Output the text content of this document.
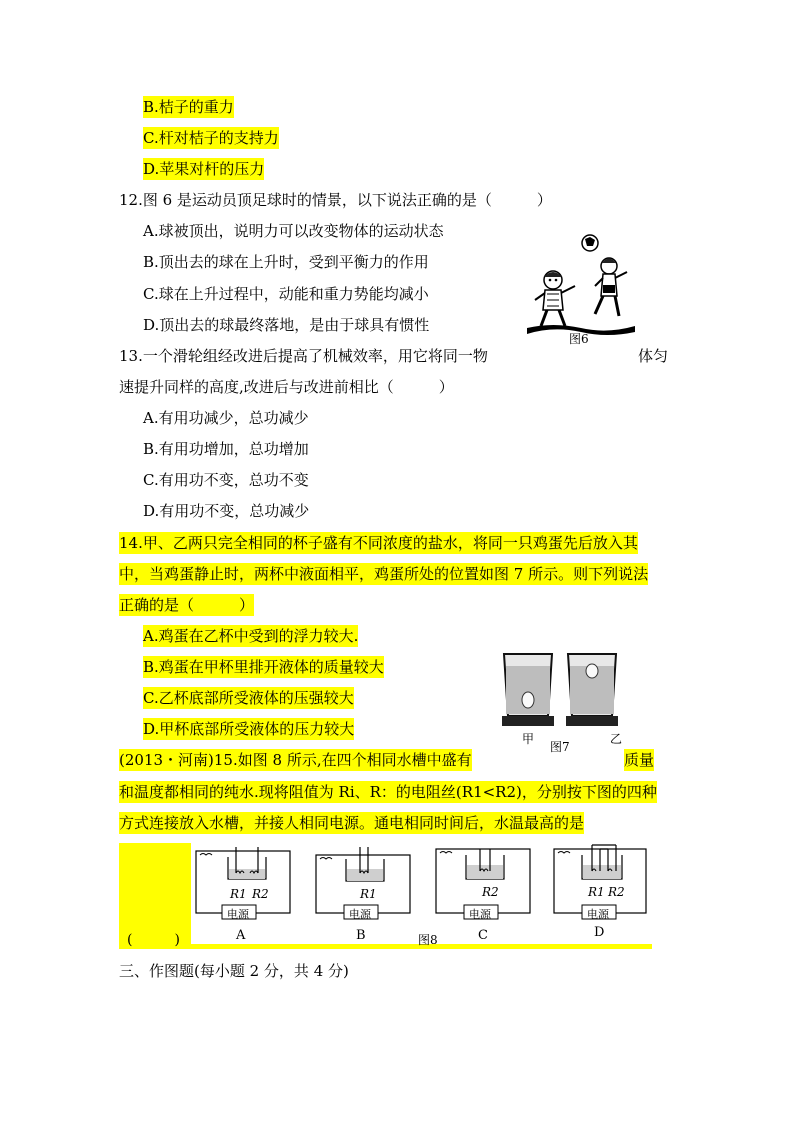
B.桔子的重力
C.杆对桔子的支持力
D.苹果对杆的压力
12.图 6 是运动员顶足球时的情景，以下说法正确的是（　　　）
A.球被顶出，说明力可以改变物体的运动状态
B.顶出去的球在上升时，受到平衡力的作用
C.球在上升过程中，动能和重力势能均减小
D.顶出去的球最终落地，是由于球具有惯性
图6
13.一个滑轮组经改进后提高了机械效率，用它将同一物	体匀
速提升同样的高度,改进后与改进前相比（　　　）
A.有用功减少，总功减少
B.有用功增加，总功增加
C.有用功不变，总功不变
D.有用功不变，总功减少
14.甲、乙两只完全相同的杯子盛有不同浓度的盐水，将同一只鸡蛋先后放入其
中，当鸡蛋静止时，两杯中液面相平，鸡蛋所处的位置如图 7 所示。则下列说法
正确的是（　　　）
A.鸡蛋在乙杯中受到的浮力较大.
B.鸡蛋在甲杯里排开液体的质量较大
C.乙杯底部所受液体的压强较大
D.甲杯底部所受液体的压力较大
甲	乙
图7
(2013・河南)15.如图 8 所示,在四个相同水槽中盛有	质量
和温度都相同的纯水.现将阻值为 Ri、R：的电阻丝(R1<R2)，分别按下图的四种
方式连接放入水槽，并接人相同电源。通电相同时间后，水温最高的是
(　　　)
R1 R2
电源
A
R1
电源
B
R2
电源
C
R1 R2
电源
D
图8
三、作图题(每小题 2 分，共 4 分)
